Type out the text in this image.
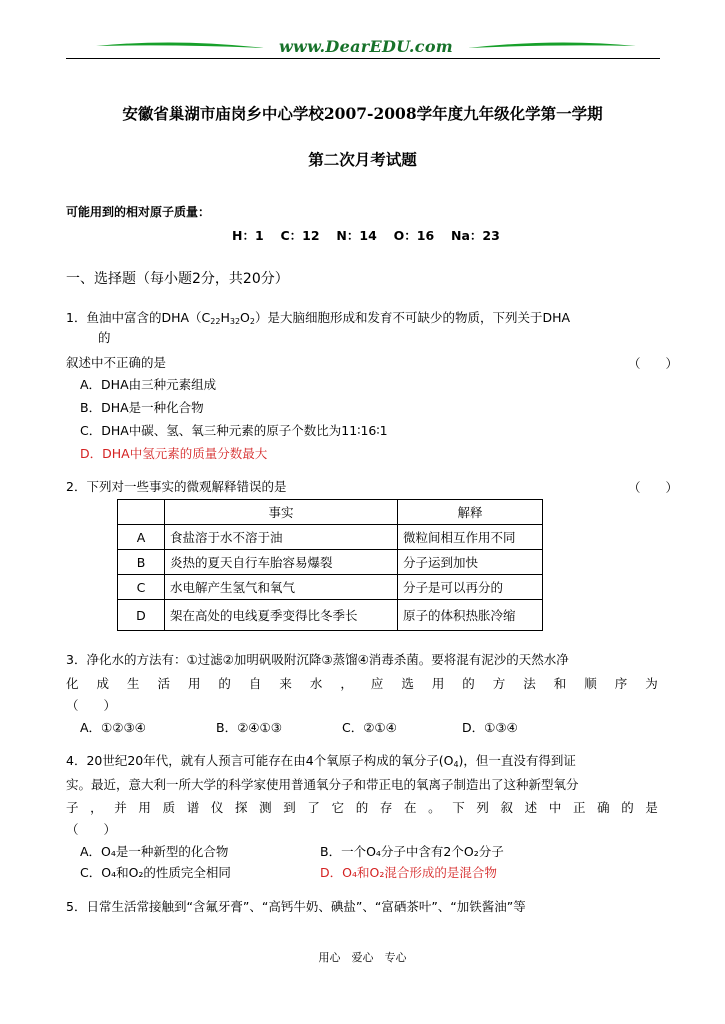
www.DearEDU.com
安徽省巢湖市庙岗乡中心学校2007-2008学年度九年级化学第一学期
第二次月考试题
可能用到的相对原子质量：
H：1　 C：12　 N：14　 O：16　 Na：23
一、选择题（每小题2分，共20分）
1．鱼油中富含的$DHA(C_{22}H_{32}O_2)$是大脑细胞形成和发育不可缺少的物质，下列关于DHA
的
叙述中不正确的是	（　　）
A．DHA由三种元素组成
B．DHA是一种化合物
C．DHA中碳、氢、氧三种元素的原子个数比为11∶16∶1
D．DHA中氢元素的质量分数最大
2．下列对一些事实的微观解释错误的是	（　　）
	事实	解释
A	食盐溶于水不溶于油	微粒间相互作用不同
B	炎热的夏天自行车胎容易爆裂	分子运到加快
C	水电解产生氢气和氧气	分子是可以再分的
D	架在高处的电线夏季变得比冬季长	原子的体积热胀冷缩
3．净化水的方法有：①过滤②加明矾吸附沉降③蒸馏④消毒杀菌。要将混有泥沙的天然水净
化 成 生 活 用 的 自 来 水 ， 应 选 用 的 方 法 和 顺 序 为
（　　）
A．①②③④	B．②④①③	C．②①④	D．①③④
4．20世纪20年代，就有人预言可能存在由4个氧原子构成的氧分子$(O_4)$，但一直没有得到证
实。最近，意大利一所大学的科学家使用普通氧分子和带正电的氧离子制造出了这种新型氧分
子 ， 并 用 质 谱 仪 探 测 到 了 它 的 存 在 。 下 列 叙 述 中 正 确 的 是
（　　）
A．O₄是一种新型的化合物	B．一个O₄分子中含有2个O₂分子
C．O₄和O₂的性质完全相同	D．O₄和O₂混合形成的是混合物
5．日常生活常接触到“含氟牙膏”、“高钙牛奶、碘盐”、“富硒茶叶”、“加铁酱油”等
用心　爱心　专心
